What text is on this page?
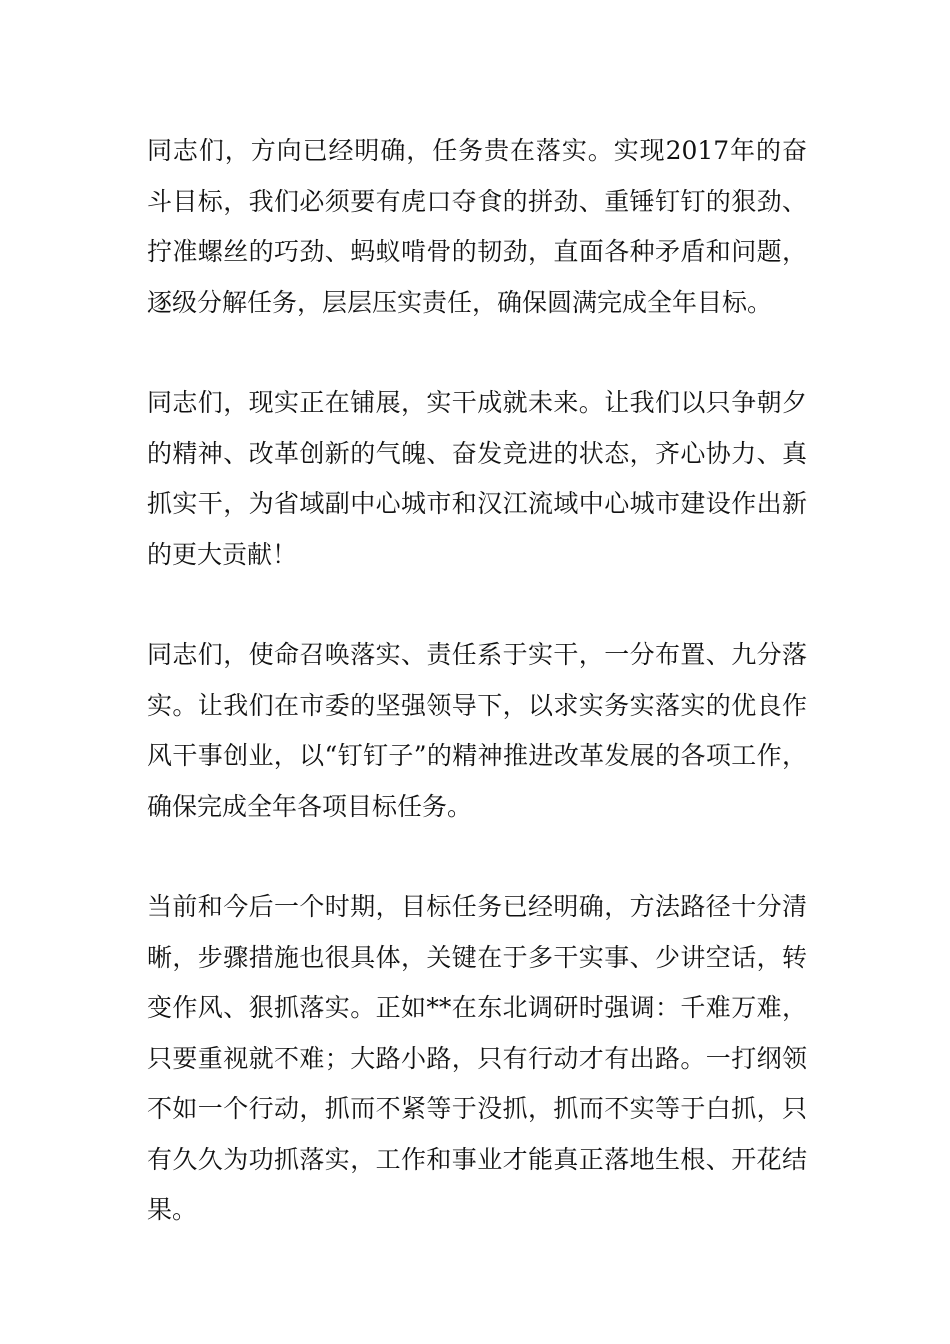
同志们，方向已经明确，任务贵在落实。实现2017年的奋斗目标，我们必须要有虎口夺食的拼劲、重锤钉钉的狠劲、拧准螺丝的巧劲、蚂蚁啃骨的韧劲，直面各种矛盾和问题，逐级分解任务，层层压实责任，确保圆满完成全年目标。

同志们，现实正在铺展，实干成就未来。让我们以只争朝夕的精神、改革创新的气魄、奋发竞进的状态，齐心协力、真抓实干，为省域副中心城市和汉江流域中心城市建设作出新的更大贡献！

同志们，使命召唤落实、责任系于实干，一分布置、九分落实。让我们在市委的坚强领导下，以求实务实落实的优良作风干事创业，以“钉钉子”的精神推进改革发展的各项工作，确保完成全年各项目标任务。

当前和今后一个时期，目标任务已经明确，方法路径十分清晰，步骤措施也很具体，关键在于多干实事、少讲空话，转变作风、狠抓落实。正如**在东北调研时强调：千难万难，只要重视就不难；大路小路，只有行动才有出路。一打纲领不如一个行动，抓而不紧等于没抓，抓而不实等于白抓，只有久久为功抓落实，工作和事业才能真正落地生根、开花结果。
